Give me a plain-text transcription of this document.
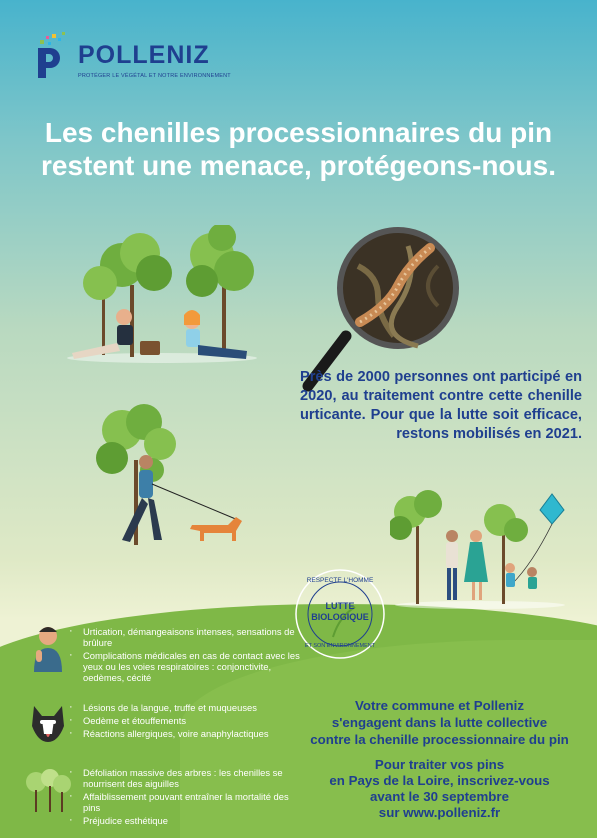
POLLENIZ
PROTÉGER LE VÉGÉTAL ET NOTRE ENVIRONNEMENT
Les chenilles processionnaires du pin
restent une menace, protégeons-nous.
Près de 2000 personnes ont participé en 2020, au traitement contre cette chenille urticante. Pour que la lutte soit efficace, restons mobilisés en 2021.
RESPECTE L'HOMME
LUTTE
BIOLOGIQUE
ET SON ENVIRONNEMENT
· Urtication, démangeaisons intenses, sensations de brûlure
· Complications médicales en cas de contact avec les yeux ou les voies respiratoires : conjonctivite, oedèmes, cécité
· Lésions de la langue, truffe et muqueuses
· Oedème et étouffements
· Réactions allergiques, voire anaphylactiques
· Défoliation massive des arbres : les chenilles se nourrisent des aiguilles
· Affaiblissement pouvant entraîner la mortalité des pins
· Préjudice esthétique
Votre commune et Polleniz
s'engagent dans la lutte collective
contre la chenille processionnaire du pin
Pour traiter vos pins
en Pays de la Loire, inscrivez-vous
avant le 30 septembre
sur www.polleniz.fr
